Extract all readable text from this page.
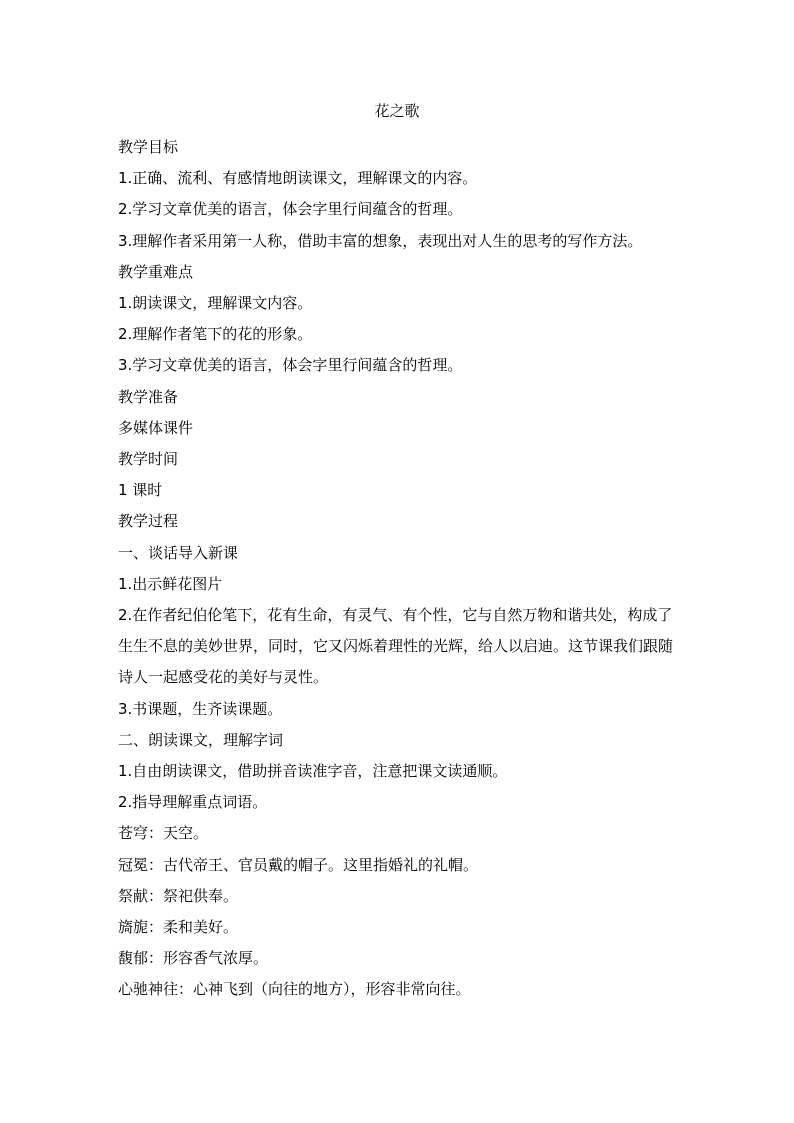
花之歌
教学目标
1.正确、流利、有感情地朗读课文，理解课文的内容。
2.学习文章优美的语言，体会字里行间蕴含的哲理。
3.理解作者采用第一人称，借助丰富的想象，表现出对人生的思考的写作方法。
教学重难点
1.朗读课文，理解课文内容。
2.理解作者笔下的花的形象。
3.学习文章优美的语言，体会字里行间蕴含的哲理。
教学准备
多媒体课件
教学时间
1 课时
教学过程
一、谈话导入新课
1.出示鲜花图片
2.在作者纪伯伦笔下，花有生命，有灵气、有个性，它与自然万物和谐共处，构成了生生不息的美妙世界，同时，它又闪烁着理性的光辉，给人以启迪。这节课我们跟随诗人一起感受花的美好与灵性。
3.书课题，生齐读课题。
二、朗读课文，理解字词
1.自由朗读课文，借助拼音读准字音，注意把课文读通顺。
2.指导理解重点词语。
苍穹：天空。
冠冕：古代帝王、官员戴的帽子。这里指婚礼的礼帽。
祭献：祭祀供奉。
旖旎：柔和美好。
馥郁：形容香气浓厚。
心驰神往：心神飞到（向往的地方），形容非常向往。
